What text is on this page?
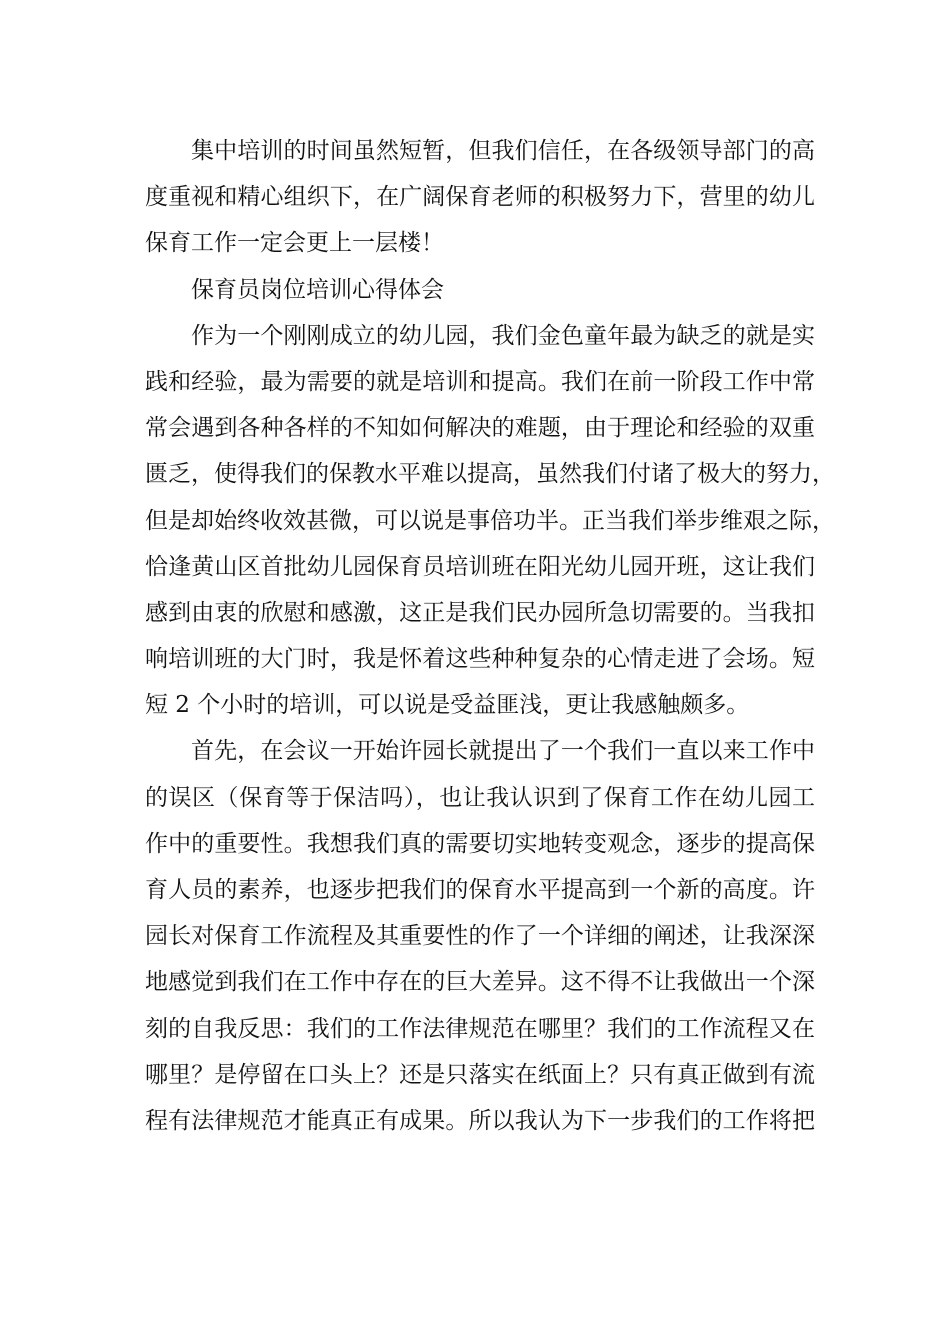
集中培训的时间虽然短暂，但我们信任，在各级领导部门的高
度重视和精心组织下，在广阔保育老师的积极努力下，营里的幼儿
保育工作一定会更上一层楼！
保育员岗位培训心得体会
作为一个刚刚成立的幼儿园，我们金色童年最为缺乏的就是实
践和经验，最为需要的就是培训和提高。我们在前一阶段工作中常
常会遇到各种各样的不知如何解决的难题，由于理论和经验的双重
匮乏，使得我们的保教水平难以提高，虽然我们付诸了极大的努力，
但是却始终收效甚微，可以说是事倍功半。正当我们举步维艰之际，
恰逢黄山区首批幼儿园保育员培训班在阳光幼儿园开班，这让我们
感到由衷的欣慰和感激，这正是我们民办园所急切需要的。当我扣
响培训班的大门时，我是怀着这些种种复杂的心情走进了会场。短
短 2 个小时的培训，可以说是受益匪浅，更让我感触颇多。
首先，在会议一开始许园长就提出了一个我们一直以来工作中
的误区（保育等于保洁吗），也让我认识到了保育工作在幼儿园工
作中的重要性。我想我们真的需要切实地转变观念，逐步的提高保
育人员的素养，也逐步把我们的保育水平提高到一个新的高度。许
园长对保育工作流程及其重要性的作了一个详细的阐述，让我深深
地感觉到我们在工作中存在的巨大差异。这不得不让我做出一个深
刻的自我反思：我们的工作法律规范在哪里？我们的工作流程又在
哪里？是停留在口头上？还是只落实在纸面上？只有真正做到有流
程有法律规范才能真正有成果。所以我认为下一步我们的工作将把
